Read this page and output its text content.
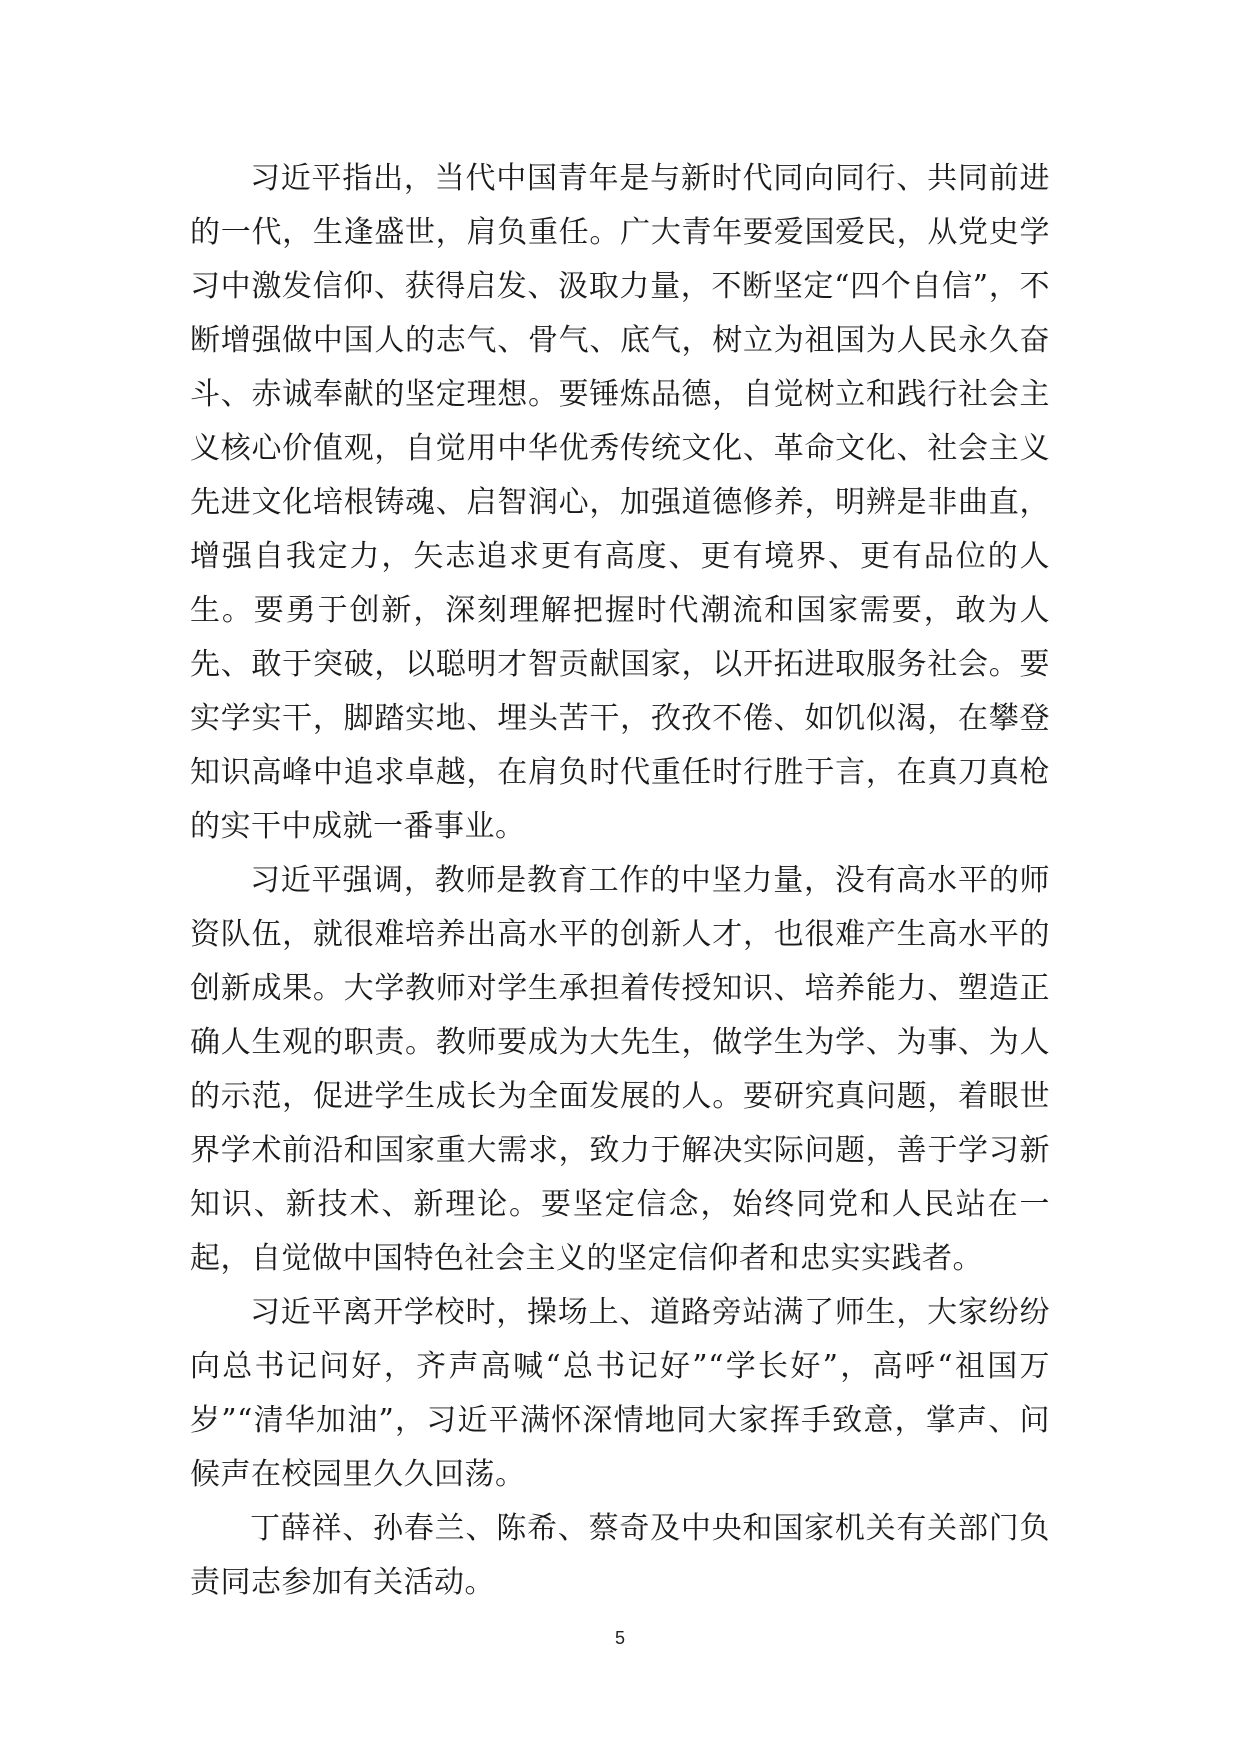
习近平指出，当代中国青年是与新时代同向同行、共同前进的一代，生逢盛世，肩负重任。广大青年要爱国爱民，从党史学习中激发信仰、获得启发、汲取力量，不断坚定“四个自信”，不断增强做中国人的志气、骨气、底气，树立为祖国为人民永久奋斗、赤诚奉献的坚定理想。要锤炼品德，自觉树立和践行社会主义核心价值观，自觉用中华优秀传统文化、革命文化、社会主义先进文化培根铸魂、启智润心，加强道德修养，明辨是非曲直，增强自我定力，矢志追求更有高度、更有境界、更有品位的人生。要勇于创新，深刻理解把握时代潮流和国家需要，敢为人先、敢于突破，以聪明才智贡献国家，以开拓进取服务社会。要实学实干，脚踏实地、埋头苦干，孜孜不倦、如饥似渴，在攀登知识高峰中追求卓越，在肩负时代重任时行胜于言，在真刀真枪的实干中成就一番事业。

习近平强调，教师是教育工作的中坚力量，没有高水平的师资队伍，就很难培养出高水平的创新人才，也很难产生高水平的创新成果。大学教师对学生承担着传授知识、培养能力、塑造正确人生观的职责。教师要成为大先生，做学生为学、为事、为人的示范，促进学生成长为全面发展的人。要研究真问题，着眼世界学术前沿和国家重大需求，致力于解决实际问题，善于学习新知识、新技术、新理论。要坚定信念，始终同党和人民站在一起，自觉做中国特色社会主义的坚定信仰者和忠实实践者。

习近平离开学校时，操场上、道路旁站满了师生，大家纷纷向总书记问好，齐声高喊“总书记好”“学长好”，高呼“祖国万岁”“清华加油”，习近平满怀深情地同大家挥手致意，掌声、问候声在校园里久久回荡。

丁薛祥、孙春兰、陈希、蔡奇及中央和国家机关有关部门负责同志参加有关活动。

5
